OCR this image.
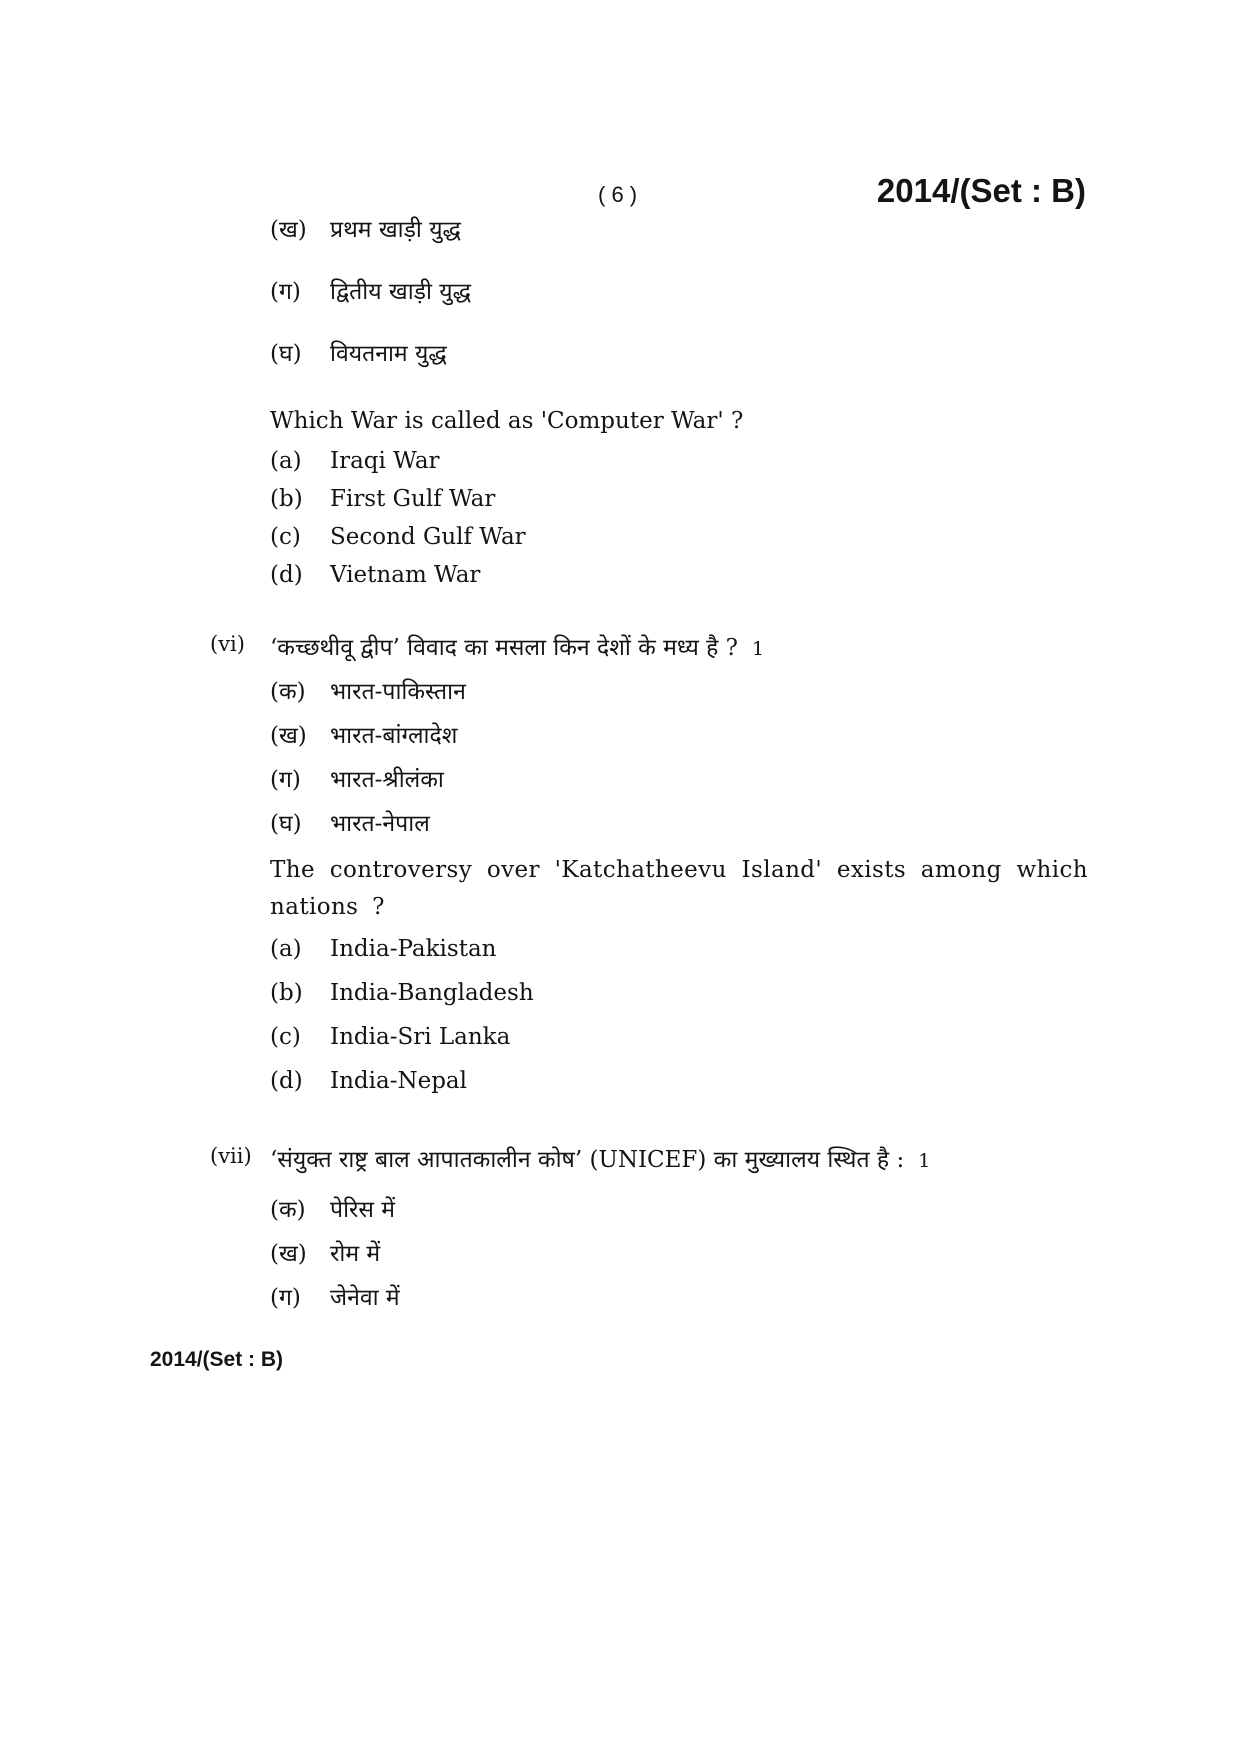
( 6 )	2014/(Set : B)
(ख) प्रथम खाड़ी युद्ध
(ग) द्वितीय खाड़ी युद्ध
(घ) वियतनाम युद्ध
Which War is called as 'Computer War' ?
(a) Iraqi War
(b) First Gulf War
(c) Second Gulf War
(d) Vietnam War
(vi) ‘कच्छथीवू द्वीप’ विवाद का मसला किन देशों के मध्य है ? 1
(क) भारत-पाकिस्तान
(ख) भारत-बांग्लादेश
(ग) भारत-श्रीलंका
(घ) भारत-नेपाल
The controversy over 'Katchatheevu Island' exists among which nations ?
(a) India-Pakistan
(b) India-Bangladesh
(c) India-Sri Lanka
(d) India-Nepal
(vii) ‘संयुक्त राष्ट्र बाल आपातकालीन कोष’ (UNICEF) का मुख्यालय स्थित है : 1
(क) पेरिस में
(ख) रोम में
(ग) जेनेवा में
2014/(Set : B)
